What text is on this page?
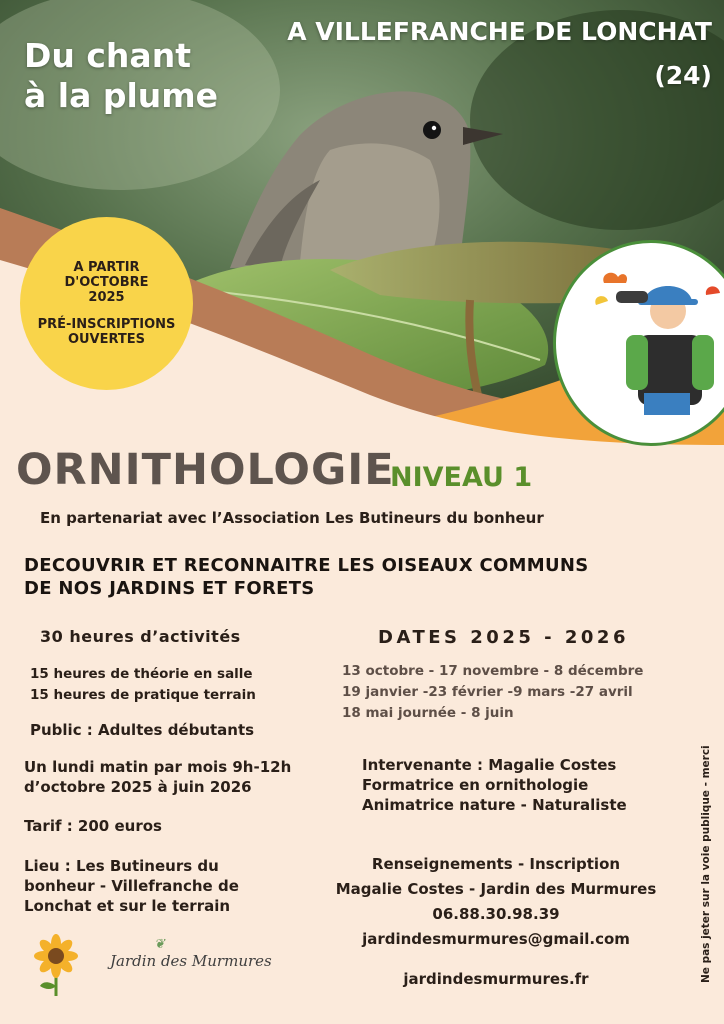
Du chant
à la plume
A VILLEFRANCHE DE LONCHAT
(24)
A PARTIR
D'OCTOBRE
2025
PRÉ-INSCRIPTIONS
OUVERTES
ORNITHOLOGIE
NIVEAU 1
En partenariat avec l’Association Les Butineurs du bonheur
DECOUVRIR ET RECONNAITRE LES OISEAUX COMMUNS
DE NOS JARDINS ET FORETS
30 heures d’activités	DATES 2025 - 2026
15 heures de théorie en salle
15 heures de pratique terrain
13 octobre - 17 novembre - 8 décembre
19 janvier -23 février -9 mars -27 avril
18 mai journée - 8 juin
Public : Adultes débutants
Un lundi matin par mois 9h-12h
d’octobre 2025 à juin 2026
Tarif : 200 euros
Lieu : Les Butineurs du
bonheur - Villefranche de
Lonchat et sur le terrain
Intervenante : Magalie Costes
Formatrice en ornithologie
Animatrice nature - Naturaliste
Renseignements - Inscription
Magalie Costes - Jardin des Murmures
06.88.30.98.39
jardindesmurmures@gmail.com
jardindesmurmures.fr	Ne pas jeter sur la voie publique - merci
❦
Jardin des Murmures
